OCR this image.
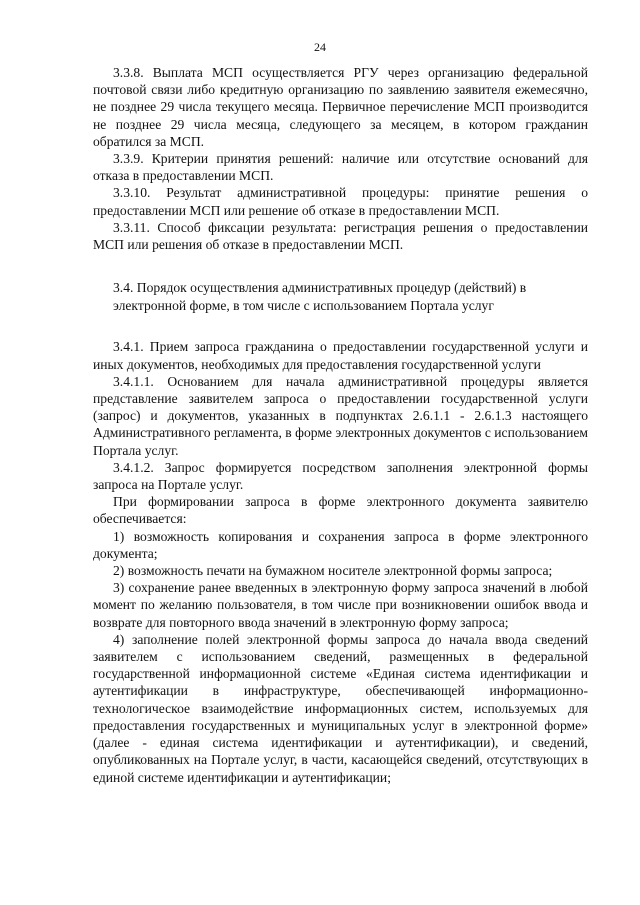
24

3.3.8. Выплата МСП осуществляется РГУ через организацию федеральной почтовой связи либо кредитную организацию по заявлению заявителя ежемесячно, не позднее 29 числа текущего месяца. Первичное перечисление МСП производится не позднее 29 числа месяца, следующего за месяцем, в котором гражданин обратился за МСП.

3.3.9. Критерии принятия решений: наличие или отсутствие оснований для отказа в предоставлении МСП.

3.3.10. Результат административной процедуры: принятие решения о предоставлении МСП или решение об отказе в предоставлении МСП.

3.3.11. Способ фиксации результата: регистрация решения о предоставлении МСП или решения об отказе в предоставлении МСП.

3.4. Порядок осуществления административных процедур (действий) в электронной форме, в том числе с использованием Портала услуг

3.4.1. Прием запроса гражданина о предоставлении государственной услуги и иных документов, необходимых для предоставления государственной услуги

3.4.1.1. Основанием для начала административной процедуры является представление заявителем запроса о предоставлении государственной услуги (запрос) и документов, указанных в подпунктах 2.6.1.1 - 2.6.1.3 настоящего Административного регламента, в форме электронных документов с использованием Портала услуг.

3.4.1.2. Запрос формируется посредством заполнения электронной формы запроса на Портале услуг.

При формировании запроса в форме электронного документа заявителю обеспечивается:

1) возможность копирования и сохранения запроса в форме электронного документа;

2) возможность печати на бумажном носителе электронной формы запроса;

3) сохранение ранее введенных в электронную форму запроса значений в любой момент по желанию пользователя, в том числе при возникновении ошибок ввода и возврате для повторного ввода значений в электронную форму запроса;

4) заполнение полей электронной формы запроса до начала ввода сведений заявителем с использованием сведений, размещенных в федеральной государственной информационной системе «Единая система идентификации и аутентификации в инфраструктуре, обеспечивающей информационно-технологическое взаимодействие информационных систем, используемых для предоставления государственных и муниципальных услуг в электронной форме» (далее - единая система идентификации и аутентификации), и сведений, опубликованных на Портале услуг, в части, касающейся сведений, отсутствующих в единой системе идентификации и аутентификации;
